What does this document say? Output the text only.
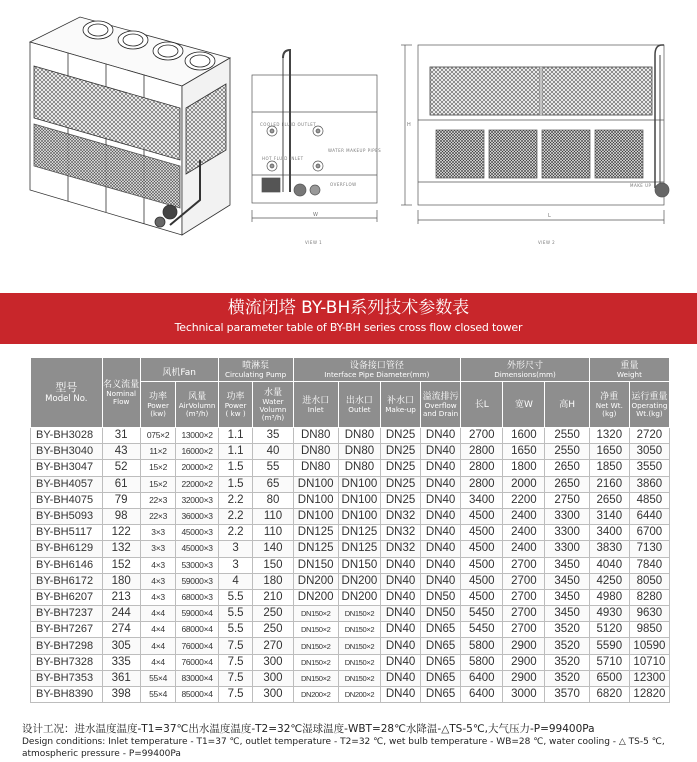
COOLED FLUID OUTLET
HOT FLUID INLET
WATER MAKEUP PIPES
OVERFLOW
W
MAKE UP
L
H
VIEW 1	VIEW 2
横流闭塔 BY-BH系列技术参数表
Technical parameter table of BY-BH series cross flow closed tower
型号
Model No.	名义流量
Nominal Flow	风机Fan		喷淋泵
Circulating Pump		设备接口管径
Interface Pipe Diameter(mm)				外形尺寸
Dimensions(mm)			重量
Weight	

		功率
Power
(kw)	风量
AirVolumn
(m³/h)	功率
Power
( kw )	水量
Water Volumn
(m³/h)	进水口
Inlet	出水口
Outlet	补水口
Make-up	溢流排污
Overflow and Drain	长L	宽W	高H	净重
Net Wt. (kg)	运行重量
Operating Wt.(kg)

BY-BH3028	31	075×2	13000×2	1.1	35	DN80	DN80	DN25	DN40	2700	1600	2550	1320	2720
BY-BH3040	43	11×2	16000×2	1.1	40	DN80	DN80	DN25	DN40	2800	1650	2550	1650	3050
BY-BH3047	52	15×2	20000×2	1.5	55	DN80	DN80	DN25	DN40	2800	1800	2650	1850	3550
BY-BH4057	61	15×2	22000×2	1.5	65	DN100	DN100	DN25	DN40	2800	2000	2650	2160	3860
BY-BH4075	79	22×3	32000×3	2.2	80	DN100	DN100	DN25	DN40	3400	2200	2750	2650	4850
BY-BH5093	98	22×3	36000×3	2.2	110	DN100	DN100	DN32	DN40	4500	2400	3300	3140	6440
BY-BH5117	122	3×3	45000×3	2.2	110	DN125	DN125	DN32	DN40	4500	2400	3300	3400	6700
BY-BH6129	132	3×3	45000×3	3	140	DN125	DN125	DN32	DN40	4500	2400	3300	3830	7130
BY-BH6146	152	4×3	53000×3	3	150	DN150	DN150	DN40	DN40	4500	2700	3450	4040	7840
BY-BH6172	180	4×3	59000×3	4	180	DN200	DN200	DN40	DN40	4500	2700	3450	4250	8050
BY-BH6207	213	4×3	68000×3	5.5	210	DN200	DN200	DN40	DN50	4500	2700	3450	4980	8280
BY-BH7237	244	4×4	59000×4	5.5	250	DN150×2	DN150×2	DN40	DN50	5450	2700	3450	4930	9630
BY-BH7267	274	4×4	68000×4	5.5	250	DN150×2	DN150×2	DN40	DN65	5450	2700	3520	5120	9850
BY-BH7298	305	4×4	76000×4	7.5	270	DN150×2	DN150×2	DN40	DN65	5800	2900	3520	5590	10590
BY-BH7328	335	4×4	76000×4	7.5	300	DN150×2	DN150×2	DN40	DN65	5800	2900	3520	5710	10710
BY-BH7353	361	55×4	83000×4	7.5	300	DN150×2	DN150×2	DN40	DN65	6400	2900	3520	6500	12300
BY-BH8390	398	55×4	85000×4	7.5	300	DN200×2	DN200×2	DN40	DN65	6400	3000	3570	6820	12820
设计工况：进水温度温度-T1=37℃出水温度温度-T2=32℃湿球温度-WBT=28℃水降温-△TS-5℃,大气压力-P=99400Pa
Design conditions: Inlet temperature - T1=37 ℃, outlet temperature - T2=32 ℃, wet bulb temperature - WB=28 ℃, water cooling - △ TS-5 ℃, atmospheric pressure - P=99400Pa
